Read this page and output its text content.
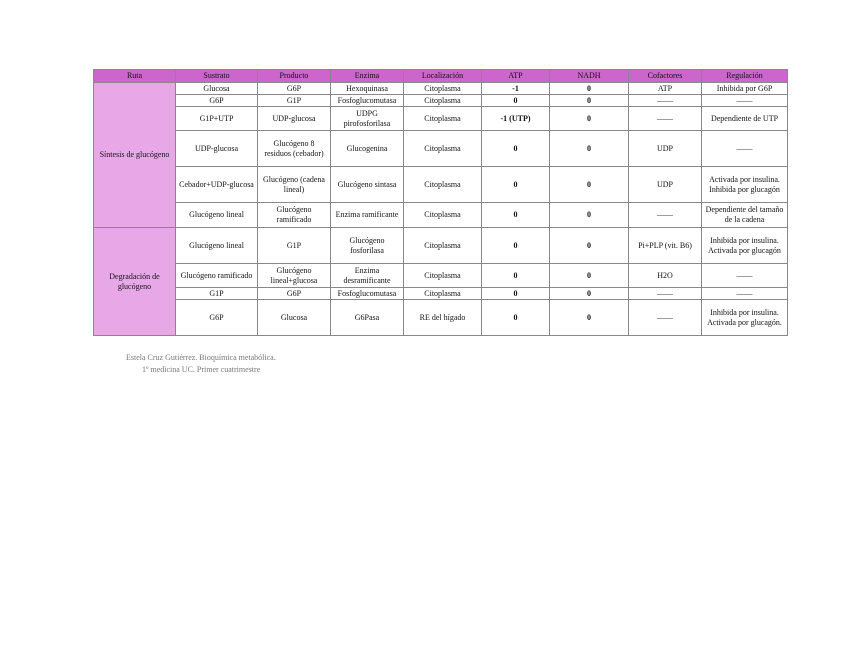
Ruta	Sustrato	Producto	Enzima	Localización	ATP	NADH	Cofactores	Regulación
Síntesis de glucógeno	Glucosa	G6P	Hexoquinasa	Citoplasma	-1	0	ATP	Inhibida por G6P
	G6P	G1P	Fosfoglucomutasa	Citoplasma	0	0	——	——
	G1P+UTP	UDP-glucosa	UDPG pirofosforilasa	Citoplasma	-1 (UTP)	0	——	Dependiente de UTP
	UDP-glucosa	Glucógeno 8 residuos (cebador)	Glucogenina	Citoplasma	0	0	UDP	——
	Cebador+UDP-glucosa	Glucógeno (cadena lineal)	Glucógeno sintasa	Citoplasma	0	0	UDP	Activada por insulina. Inhibida por glucagón
	Glucógeno lineal	Glucógeno ramificado	Enzima ramificante	Citoplasma	0	0	——	Dependiente del tamaño de la cadena
Degradación de glucógeno	Glucógeno lineal	G1P	Glucógeno fosforilasa	Citoplasma	0	0	Pi+PLP (vit. B6)	Inhibida por insulina. Activada por glucagón
	Glucógeno ramificado	Glucógeno lineal+glucosa	Enzima desramificante	Citoplasma	0	0	H2O	——
	G1P	G6P	Fosfoglucomutasa	Citoplasma	0	0	——	——
	G6P	Glucosa	G6Pasa	RE del hígado	0	0	——	Inhibida por insulina. Activada por glucagón.
Estela Cruz Gutiérrez. Bioquímica metabólica.
1º medicina UC. Primer cuatrimestre
